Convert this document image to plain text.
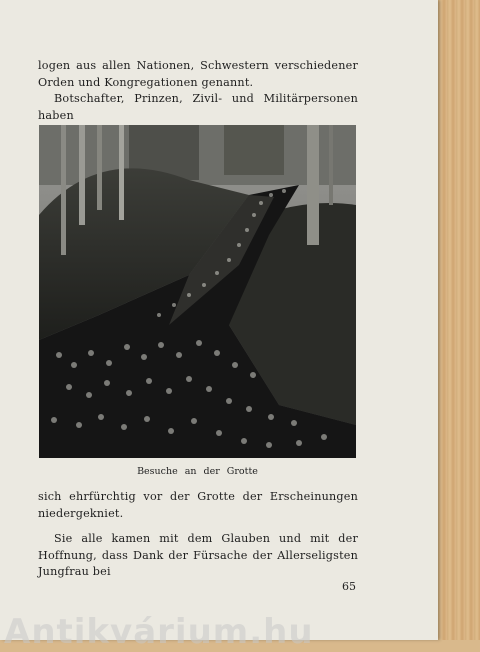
logen aus allen Nationen, Schwestern verschiedener Orden und Kongregationen genannt.

Botschafter, Prinzen, Zivil- und Militärpersonen haben

Besuche an der Grotte

sich ehrfürchtig vor der Grotte der Erscheinungen niedergekniet.

Sie alle kamen mit dem Glauben und mit der Hoffnung, dass Dank der Fürsache der Allerseligsten Jungfrau bei

65
Antikvárium.hu
